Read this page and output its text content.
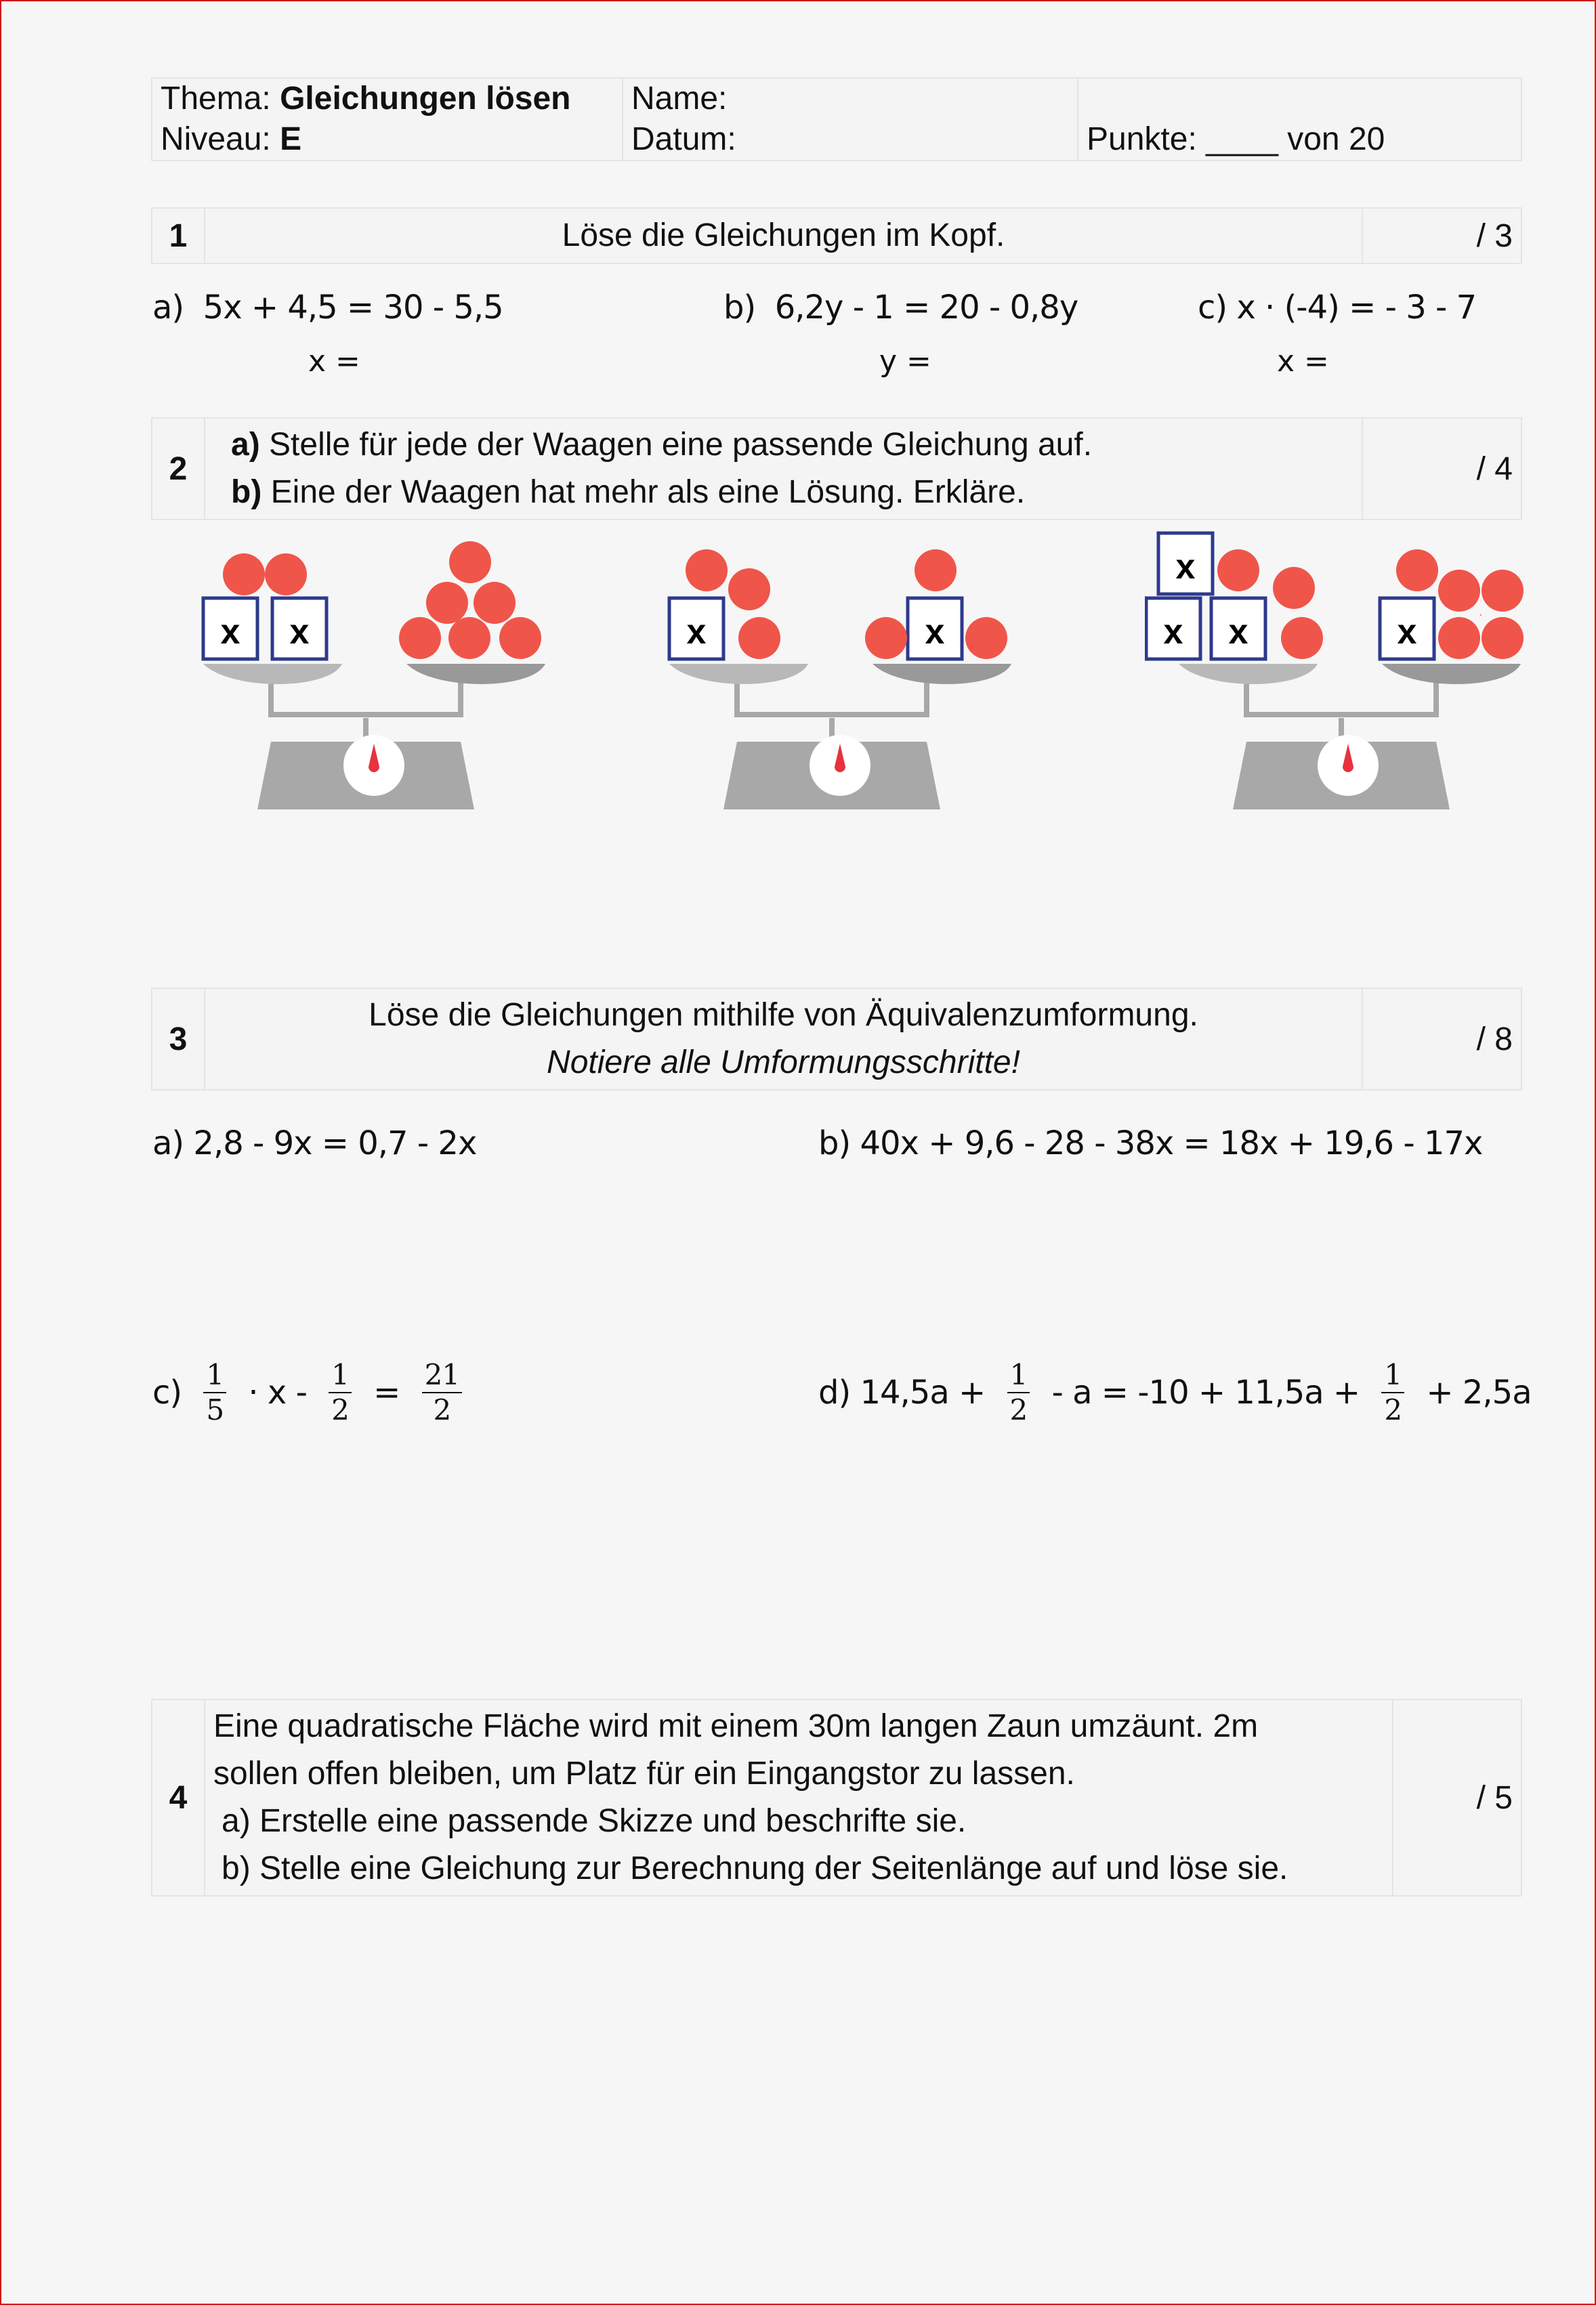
Thema: Gleichungen lösen
Niveau: E

Name:
Datum:	Punkte: ____ von 20
1	Löse die Gleichungen im Kopf.	/ 3
a) 5x + 4,5 = 30 - 5,5
x =
b) 6,2y - 1 = 20 - 0,8y
y =
c) x · (-4) = - 3 - 7
x =
2	
a) Stelle für jede der Waagen eine passende Gleichung auf.
b) Eine der Waagen hat mehr als eine Lösung. Erkläre.
	/ 4
x x	x	x
x
x x	x
3	
Löse die Gleichungen mithilfe von Äquivalenzumformung.
Notiere alle Umformungsschritte!
	/ 8
a) 2,8 - 9x = 0,7 - 2x	b) 40x + 9,6 - 28 - 38x = 18x + 19,6 - 17x
$c) \frac{1}{5} \cdot x - \frac{1}{2} = \frac{21}{2}$	d) $14,5a + \frac{1}{2} - a = -10 + 11,5a + \frac{1}{2} + 2,5a$
4	
Eine quadratische Fläche wird mit einem 30m langen Zaun umzäunt. 2m
sollen offen bleiben, um Platz für ein Eingangstor zu lassen.
a) Erstelle eine passende Skizze und beschrifte sie.
b) Stelle eine Gleichung zur Berechnung der Seitenlänge auf und löse sie.
	/ 5
